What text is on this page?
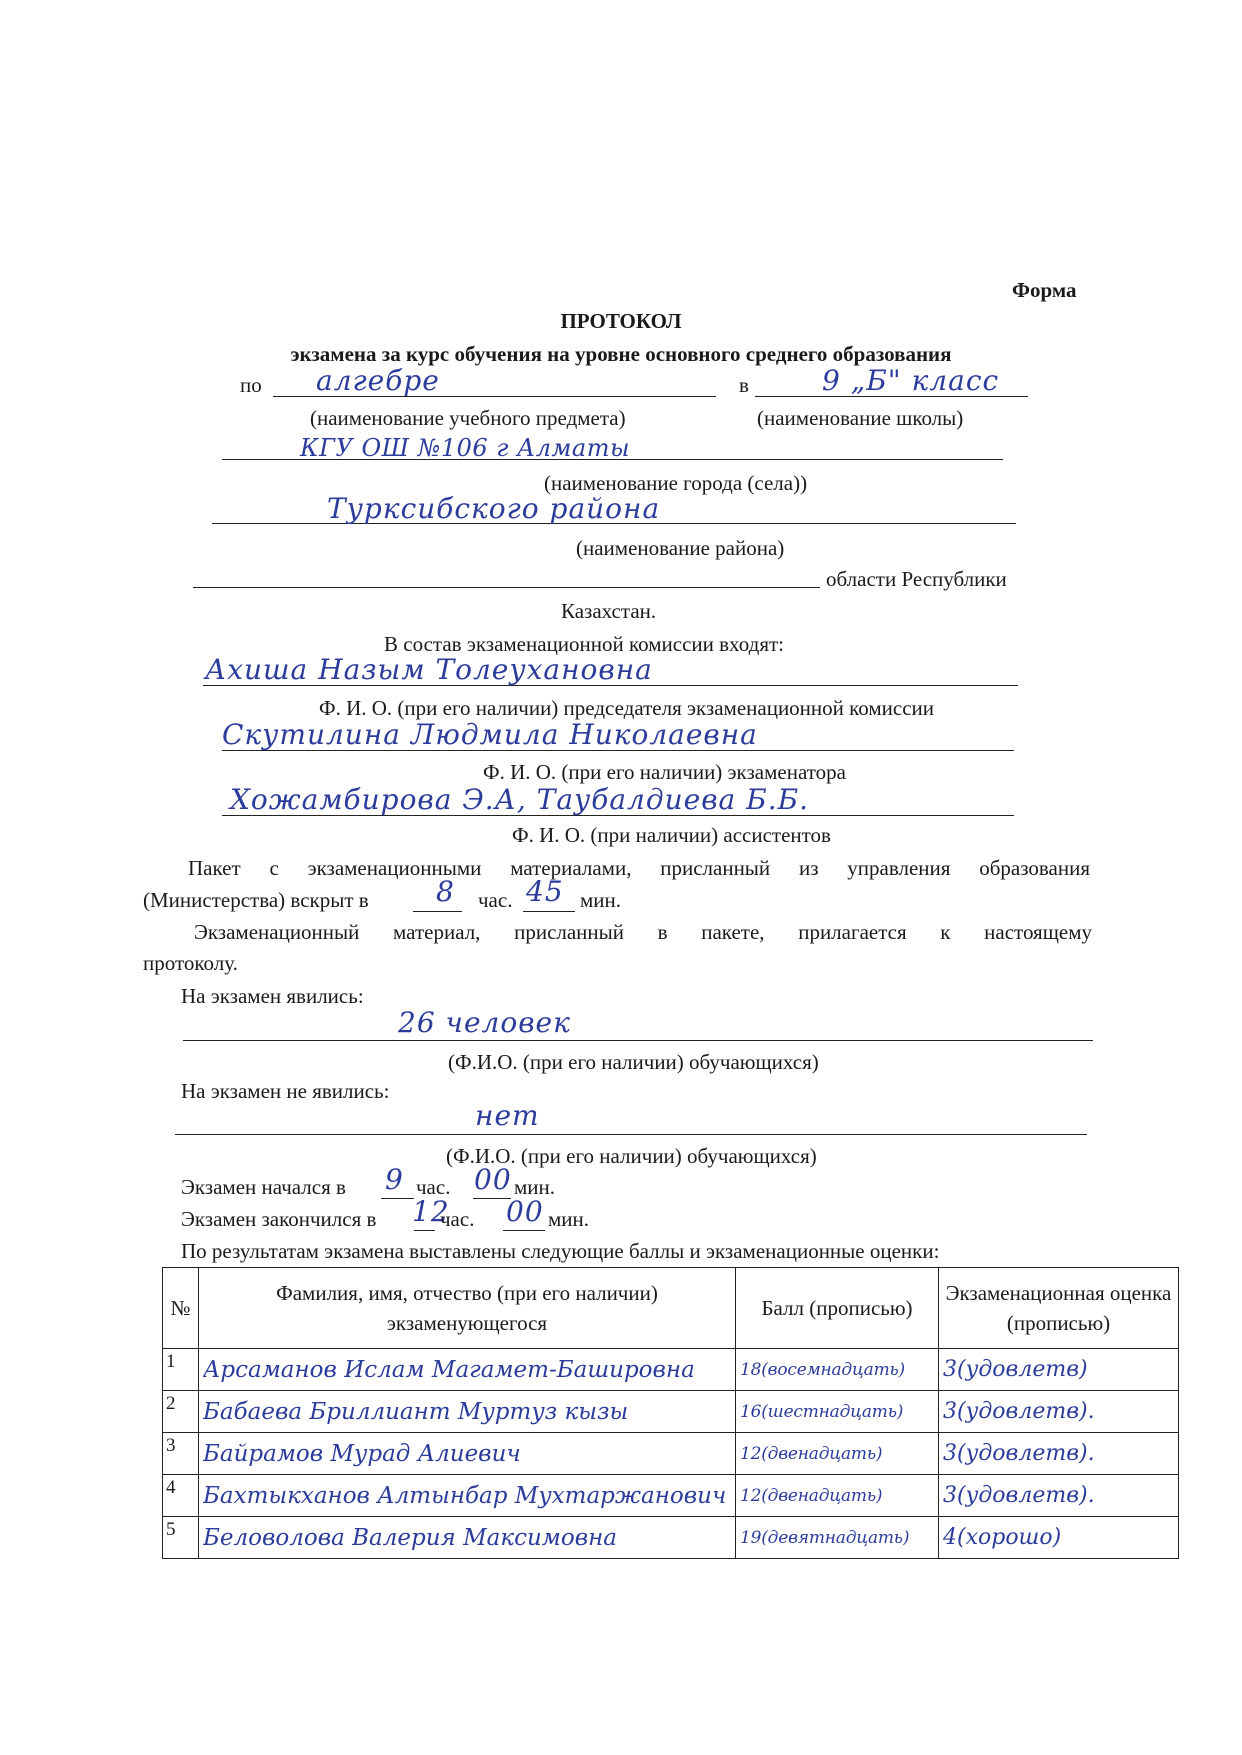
Форма
ПРОТОКОЛ
экзамена за курс обучения на уровне основного среднего образования
по алгебре	в	9 „Б" класс
(наименование учебного предмета)	(наименование школы)
КГУ ОШ №106 г Алматы
(наименование города (села))
Турксибского района
(наименование района)
области Республики
Казахстан.
В состав экзаменационной комиссии входят:
Ахиша Назым Толеухановна
Ф. И. О. (при его наличии) председателя экзаменационной комиссии
Скутилина Людмила Николаевна
Ф. И. О. (при его наличии) экзаменатора
Хожамбирова Э.А, Таубалдиева Б.Б.
Ф. И. О. (при наличии) ассистентов
Пакет с экзаменационными материалами, присланный из управления образования
(Министерства) вскрыт в 8 час. 45 мин.
Экзаменационный материал, присланный в пакете, прилагается к настоящему
протоколу.
На экзамен явились:
26 человек
(Ф.И.О. (при его наличии) обучающихся)
На экзамен не явились:
нет
(Ф.И.О. (при его наличии) обучающихся)
Экзамен начался в 9 час. 00 мин.
Экзамен закончился в 12
час. 00 мин.
По результатам экзамена выставлены следующие баллы и экзаменационные оценки:
№	Фамилия, имя, отчество (при его наличии) экзаменующегося	Балл (прописью)	Экзаменационная оценка (прописью)
1	Арсаманов Ислам Магамет-Башировна	18(восемнадцать)	3(удовлетв)

2	Бабаева Бриллиант Муртуз кызы	16(шестнадцать)	3(удовлетв).

3	Байрамов Мурад Алиевич	12(двенадцать)	3(удовлетв).

4	Бахтыкханов Алтынбар Мухтаржанович	12(двенадцать)	3(удовлетв).

5	Беловолова Валерия Максимовна	19(девятнадцать)	4(хорошо)
